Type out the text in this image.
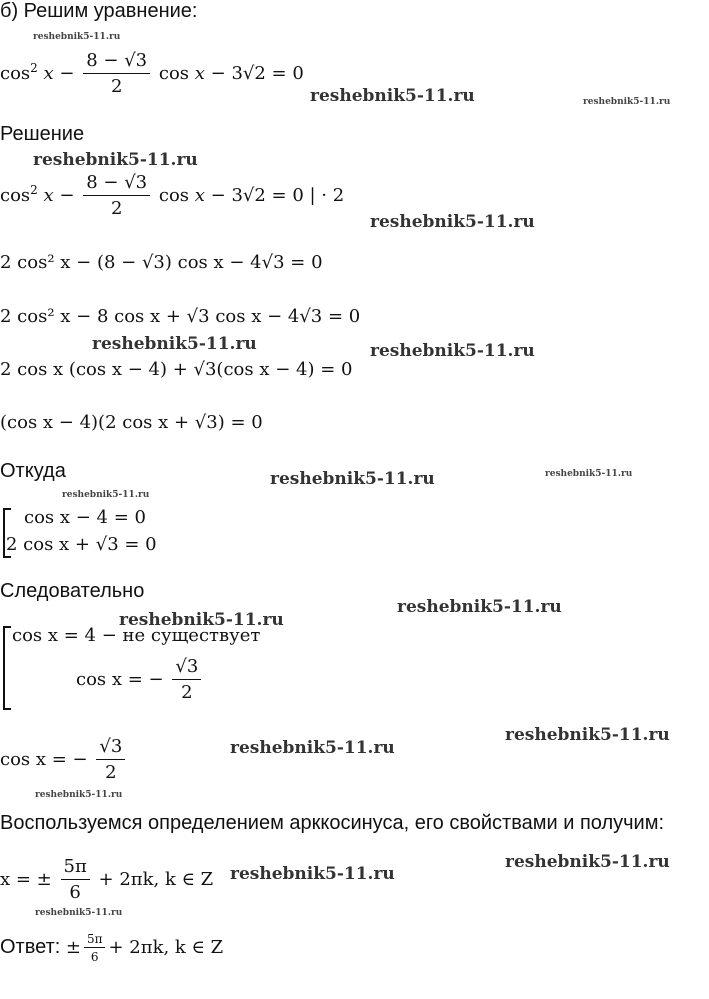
б) Решим уравнение:
$\cos^2 x - \frac{8 - √3}{2}$ cos x − 3√2 = 0
Решение
$\cos^2 x - \frac{8 - √3}{2}$ cos x − 3√2 = 0 | · 2
2 cos² x − (8 − √3) cos x − 4√3 = 0
2 cos² x − 8 cos x + √3 cos x − 4√3 = 0
2 cos x (cos x − 4) + √3(cos x − 4) = 0
(cos x − 4)(2 cos x + √3) = 0
Откуда
cos x − 4 = 0
2 cos x + √3 = 0
Следовательно
cos x = 4 − не существует
cos x = − $\frac{√3}{2}$
cos x = − $\frac{√3}{2}$
Воспользуемся определением арккосинуса, его свойствами и получим:
x = ± $\frac{5\pi}{6} + 2\pi k$, k ∈ Z
Ответ: ± $\frac{5\pi}{6} + 2\pi k$, k ∈ Z
reshebnik5-11.ru
reshebnik5-11.ru	reshebnik5-11.ru
reshebnik5-11.ru
reshebnik5-11.ru
reshebnik5-11.ru	reshebnik5-11.ru
reshebnik5-11.ru	reshebnik5-11.ru
reshebnik5-11.ru
reshebnik5-11.ru
reshebnik5-11.ru
reshebnik5-11.ru
reshebnik5-11.ru
reshebnik5-11.ru
reshebnik5-11.ru
reshebnik5-11.ru
reshebnik5-11.ru
